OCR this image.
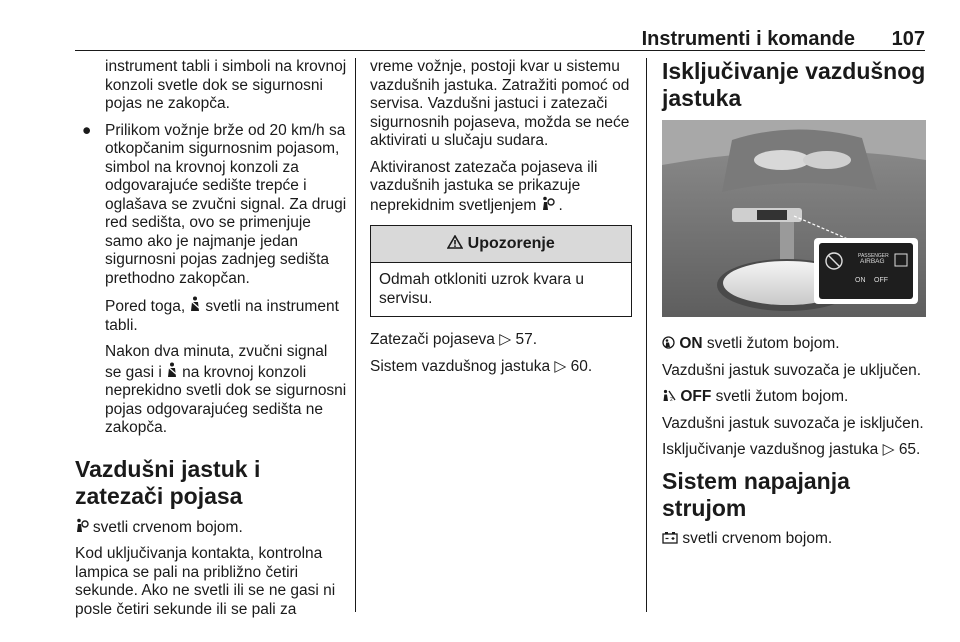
Instrumenti i komande 107

instrument tabli i simboli na krovnoj konzoli svetle dok se sigurnosni pojas ne zakopča.

● Prilikom vožnje brže od 20 km/h sa otkopčanim sigurnosnim pojasom, simbol na krovnoj konzoli za odgovarajuće sedište trepće i oglašava se zvučni signal. Za drugi red sedišta, ovo se primenjuje samo ako je najmanje jedan sigurnosni pojas zadnjeg sedišta prethodno zakopčan.

Pored toga, svetli na instrument tabli.

Nakon dva minuta, zvučni signal se gasi i na krovnoj konzoli neprekidno svetli dok se sigurnosni pojas odgovarajućeg sedišta ne zakopča.

Vazdušni jastuk i zatezači pojasa

svetli crvenom bojom.

Kod uključivanja kontakta, kontrolna lampica se pali na približno četiri sekunde. Ako ne svetli ili se ne gasi ni posle četiri sekunde ili se pali za

vreme vožnje, postoji kvar u sistemu vazdušnih jastuka. Zatražiti pomoć od servisa. Vazdušni jastuci i zatezači sigurnosnih pojaseva, možda se neće aktivirati u slučaju sudara.

Aktiviranost zatezača pojaseva ili vazdušnih jastuka se prikazuje neprekidnim svetljenjem .

Upozorenje
Odmah otkloniti uzrok kvara u servisu.

Zatezači pojaseva ▷ 57.

Sistem vazdušnog jastuka ▷ 60.

Isključivanje vazdušnog jastuka
PASSENGER
AIRBAG
ON OFF

ON svetli žutom bojom.

Vazdušni jastuk suvozača je uključen.

2 OFF svetli žutom bojom.

Vazdušni jastuk suvozača je isključen.

Isključivanje vazdušnog jastuka ▷ 65.

Sistem napajanja strujom

svetli crvenom bojom.
